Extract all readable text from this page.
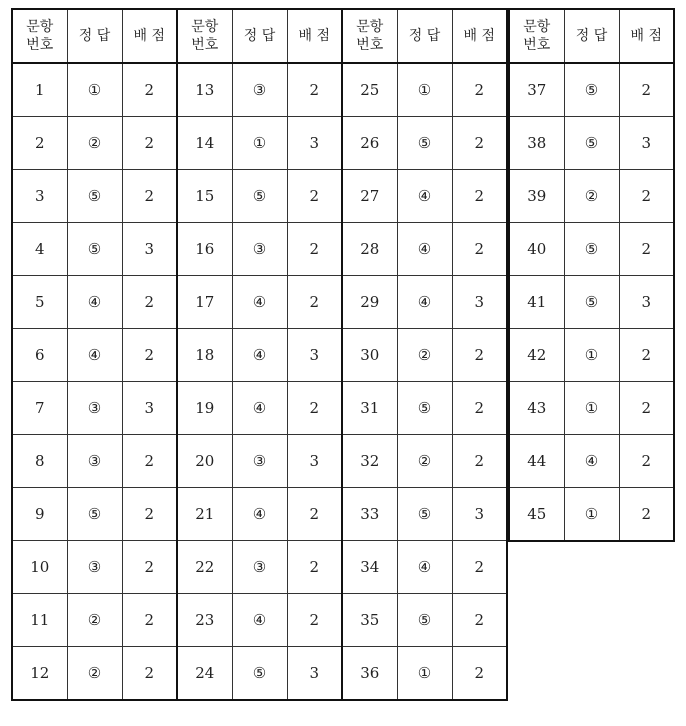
문항번호	정 답	배 점
1	①	2
2	②	2
3	⑤	2
4	⑤	3
5	④	2
6	④	2
7	③	3
8	③	2
9	⑤	2
10	③	2
11	②	2
12	②	2
문항번호	정 답	배 점
13	③	2
14	①	3
15	⑤	2
16	③	2
17	④	2
18	④	3
19	④	2
20	③	3
21	④	2
22	③	2
23	④	2
24	⑤	3
문항번호	정 답	배 점
25	①	2
26	⑤	2
27	④	2
28	④	2
29	④	3
30	②	2
31	⑤	2
32	②	2
33	⑤	3
34	④	2
35	⑤	2
36	①	2
문항번호	정 답	배 점
37	⑤	2
38	⑤	3
39	②	2
40	⑤	2
41	⑤	3
42	①	2
43	①	2
44	④	2
45	①	2
